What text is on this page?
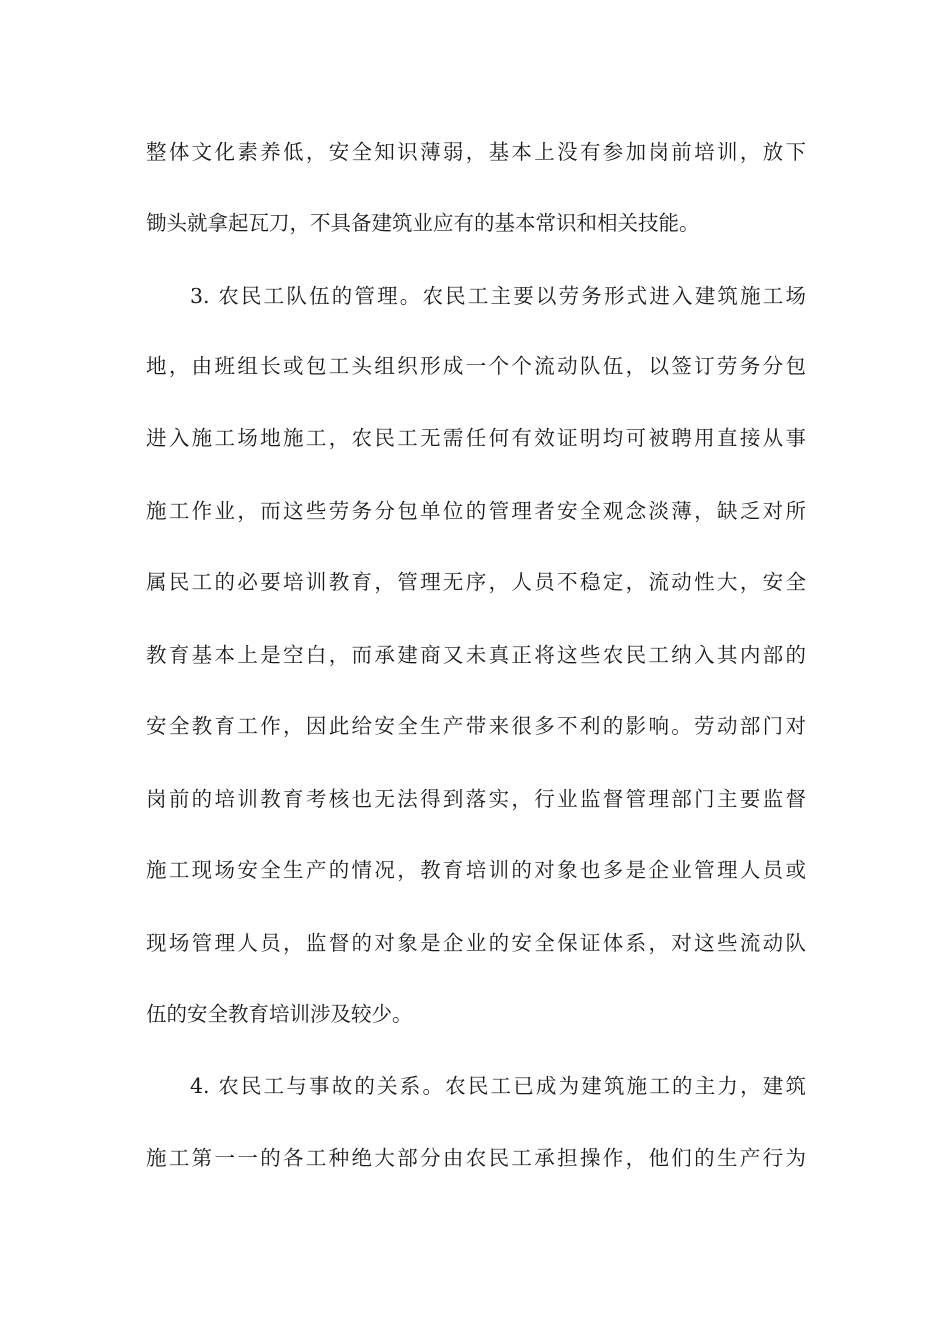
整体文化素养低，安全知识薄弱，基本上没有参加岗前培训，放下
锄头就拿起瓦刀，不具备建筑业应有的基本常识和相关技能。
3. 农民工队伍的管理。农民工主要以劳务形式进入建筑施工场
地，由班组长或包工头组织形成一个个流动队伍，以签订劳务分包
进入施工场地施工，农民工无需任何有效证明均可被聘用直接从事
施工作业，而这些劳务分包单位的管理者安全观念淡薄，缺乏对所
属民工的必要培训教育，管理无序，人员不稳定，流动性大，安全
教育基本上是空白，而承建商又未真正将这些农民工纳入其内部的
安全教育工作，因此给安全生产带来很多不利的影响。劳动部门对
岗前的培训教育考核也无法得到落实，行业监督管理部门主要监督
施工现场安全生产的情况，教育培训的对象也多是企业管理人员或
现场管理人员，监督的对象是企业的安全保证体系，对这些流动队
伍的安全教育培训涉及较少。
4. 农民工与事故的关系。农民工已成为建筑施工的主力，建筑
施工第一一的各工种绝大部分由农民工承担操作，他们的生产行为
